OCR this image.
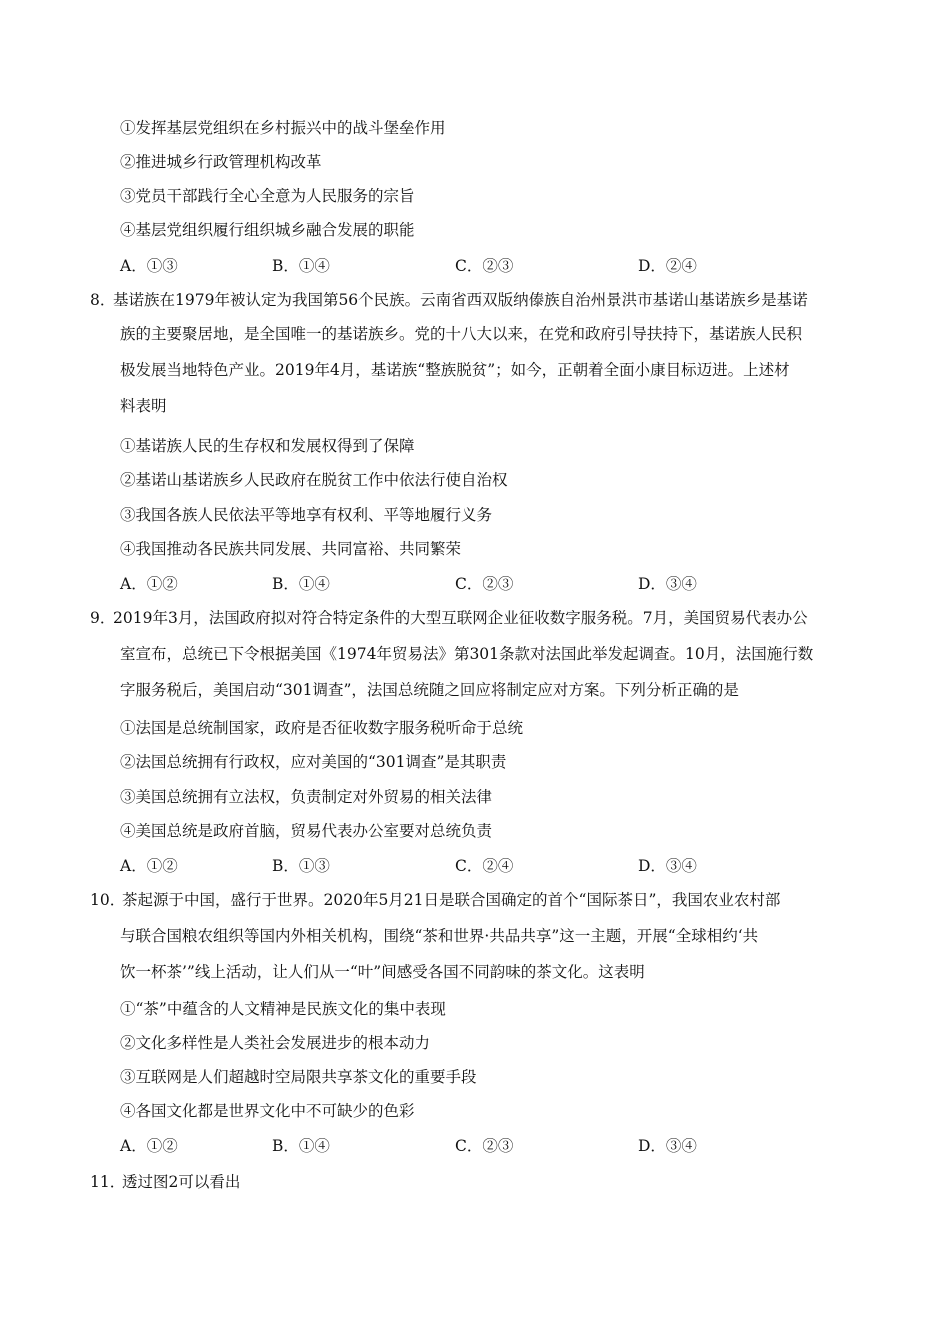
①发挥基层党组织在乡村振兴中的战斗堡垒作用
②推进城乡行政管理机构改革
③党员干部践行全心全意为人民服务的宗旨
④基层党组织履行组织城乡融合发展的职能
A．①③	B．①④	C．②③	D．②④
8．
基诺族在1979年被认定为我国第56个民族。云南省西双版纳傣族自治州景洪市基诺山基诺族乡是基诺
族的主要聚居地，是全国唯一的基诺族乡。党的十八大以来，在党和政府引导扶持下，基诺族人民积
极发展当地特色产业。2019年4月，基诺族“整族脱贫”；如今，正朝着全面小康目标迈进。上述材
料表明
①基诺族人民的生存权和发展权得到了保障
②基诺山基诺族乡人民政府在脱贫工作中依法行使自治权
③我国各族人民依法平等地享有权利、平等地履行义务
④我国推动各民族共同发展、共同富裕、共同繁荣
A．①②	B．①④	C．②③	D．③④
9．
2019年3月，法国政府拟对符合特定条件的大型互联网企业征收数字服务税。7月，美国贸易代表办公
室宣布，总统已下令根据美国《1974年贸易法》第301条款对法国此举发起调查。10月，法国施行数
字服务税后，美国启动“301调查”，法国总统随之回应将制定应对方案。下列分析正确的是
①法国是总统制国家，政府是否征收数字服务税听命于总统
②法国总统拥有行政权，应对美国的“301调查”是其职责
③美国总统拥有立法权，负责制定对外贸易的相关法律
④美国总统是政府首脑，贸易代表办公室要对总统负责
A．①②	B．①③	C．②④	D．③④
10．
茶起源于中国，盛行于世界。2020年5月21日是联合国确定的首个“国际茶日”，我国农业农村部
与联合国粮农组织等国内外相关机构，围绕“茶和世界·共品共享”这一主题，开展“全球相约‘共
饮一杯茶’”线上活动，让人们从一“叶”间感受各国不同韵味的茶文化。这表明
①“茶”中蕴含的人文精神是民族文化的集中表现
②文化多样性是人类社会发展进步的根本动力
③互联网是人们超越时空局限共享茶文化的重要手段
④各国文化都是世界文化中不可缺少的色彩
A．①②	B．①④	C．②③	D．③④
11．
透过图2可以看出
